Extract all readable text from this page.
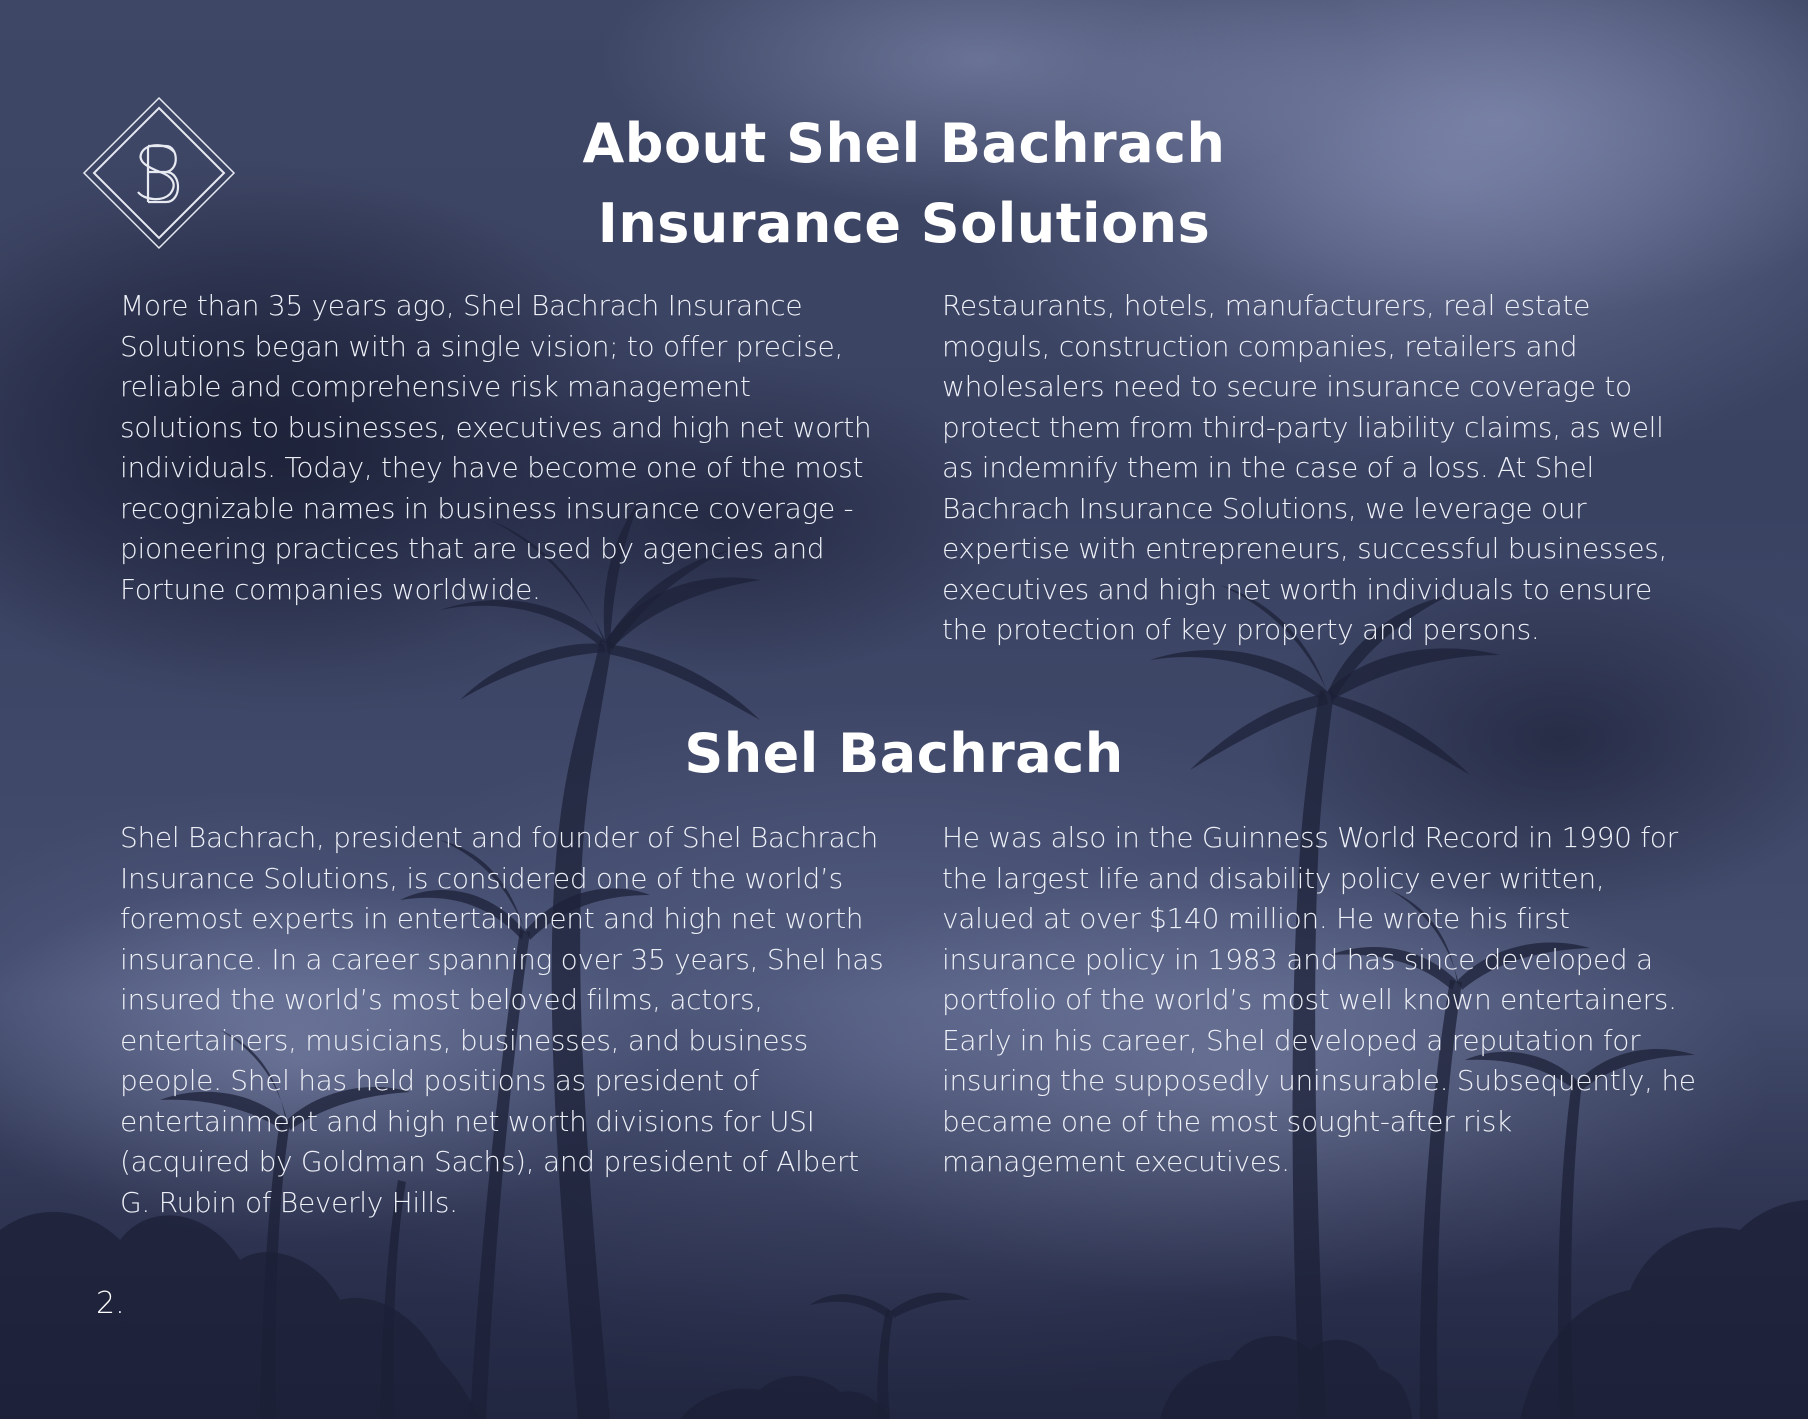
About Shel Bachrach
Insurance Solutions

More than 35 years ago, Shel Bachrach Insurance Solutions began with a single vision; to offer precise, reliable and comprehensive risk management solutions to businesses, executives and high net worth individuals. Today, they have become one of the most recognizable names in business insurance coverage - pioneering practices that are used by agencies and Fortune companies worldwide.

Restaurants, hotels, manufacturers, real estate moguls, construction companies, retailers and wholesalers need to secure insurance coverage to protect them from third-party liability claims, as well as indemnify them in the case of a loss. At Shel Bachrach Insurance Solutions, we leverage our expertise with entrepreneurs, successful businesses, executives and high net worth individuals to ensure the protection of key property and persons.

Shel Bachrach

Shel Bachrach, president and founder of Shel Bachrach Insurance Solutions, is considered one of the world’s foremost experts in entertainment and high net worth insurance. In a career spanning over 35 years, Shel has insured the world’s most beloved films, actors, entertainers, musicians, businesses, and business people. Shel has held positions as president of entertainment and high net worth divisions for USI (acquired by Goldman Sachs), and president of Albert G. Rubin of Beverly Hills.

He was also in the Guinness World Record in 1990 for the largest life and disability policy ever written, valued at over $140 million. He wrote his first insurance policy in 1983 and has since developed a portfolio of the world’s most well known entertainers. Early in his career, Shel developed a reputation for insuring the supposedly uninsurable. Subsequently, he became one of the most sought-after risk management executives.

2.
